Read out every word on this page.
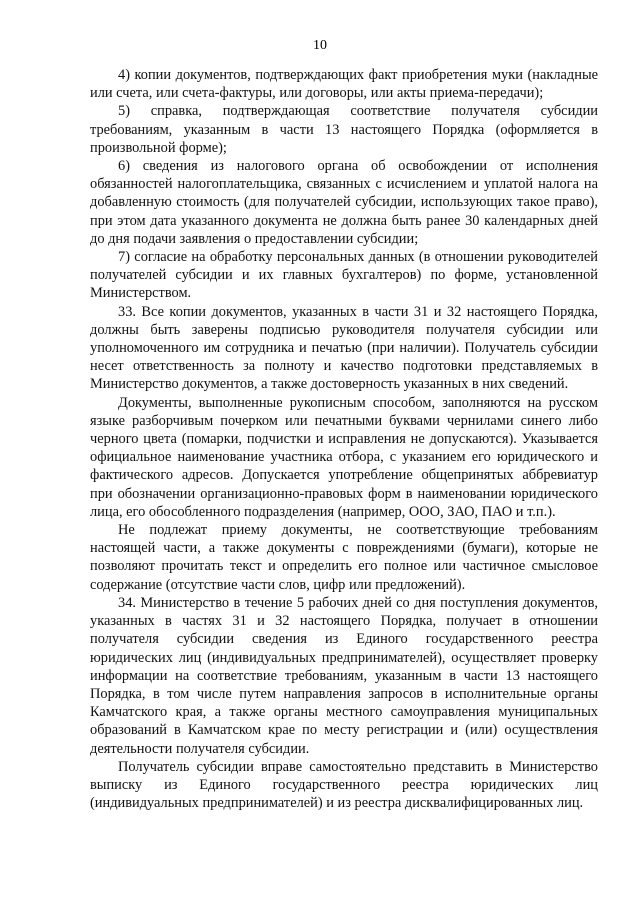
10

4) копии документов, подтверждающих факт приобретения муки (накладные или счета, или счета-фактуры, или договоры, или акты приема-передачи);

5) справка, подтверждающая соответствие получателя субсидии требованиям, указанным в части 13 настоящего Порядка (оформляется в произвольной форме);

6) сведения из налогового органа об освобождении от исполнения обязанностей налогоплательщика, связанных с исчислением и уплатой налога на добавленную стоимость (для получателей субсидии, использующих такое право), при этом дата указанного документа не должна быть ранее 30 календарных дней до дня подачи заявления о предоставлении субсидии;

7) согласие на обработку персональных данных (в отношении руководителей получателей субсидии и их главных бухгалтеров) по форме, установленной Министерством.

33. Все копии документов, указанных в части 31 и 32 настоящего Порядка, должны быть заверены подписью руководителя получателя субсидии или уполномоченного им сотрудника и печатью (при наличии). Получатель субсидии несет ответственность за полноту и качество подготовки представляемых в Министерство документов, а также достоверность указанных в них сведений.

Документы, выполненные рукописным способом, заполняются на русском языке разборчивым почерком или печатными буквами чернилами синего либо черного цвета (помарки, подчистки и исправления не допускаются). Указывается официальное наименование участника отбора, с указанием его юридического и фактического адресов. Допускается употребление общепринятых аббревиатур при обозначении организационно-правовых форм в наименовании юридического лица, его обособленного подразделения (например, ООО, ЗАО, ПАО и т.п.).

Не подлежат приему документы, не соответствующие требованиям настоящей части, а также документы с повреждениями (бумаги), которые не позволяют прочитать текст и определить его полное или частичное смысловое содержание (отсутствие части слов, цифр или предложений).

34. Министерство в течение 5 рабочих дней со дня поступления документов, указанных в частях 31 и 32 настоящего Порядка, получает в отношении получателя субсидии сведения из Единого государственного реестра юридических лиц (индивидуальных предпринимателей), осуществляет проверку информации на соответствие требованиям, указанным в части 13 настоящего Порядка, в том числе путем направления запросов в исполнительные органы Камчатского края, а также органы местного самоуправления муниципальных образований в Камчатском крае по месту регистрации и (или) осуществления деятельности получателя субсидии.

Получатель субсидии вправе самостоятельно представить в Министерство выписку из Единого государственного реестра юридических лиц (индивидуальных предпринимателей) и из реестра дисквалифицированных лиц.
